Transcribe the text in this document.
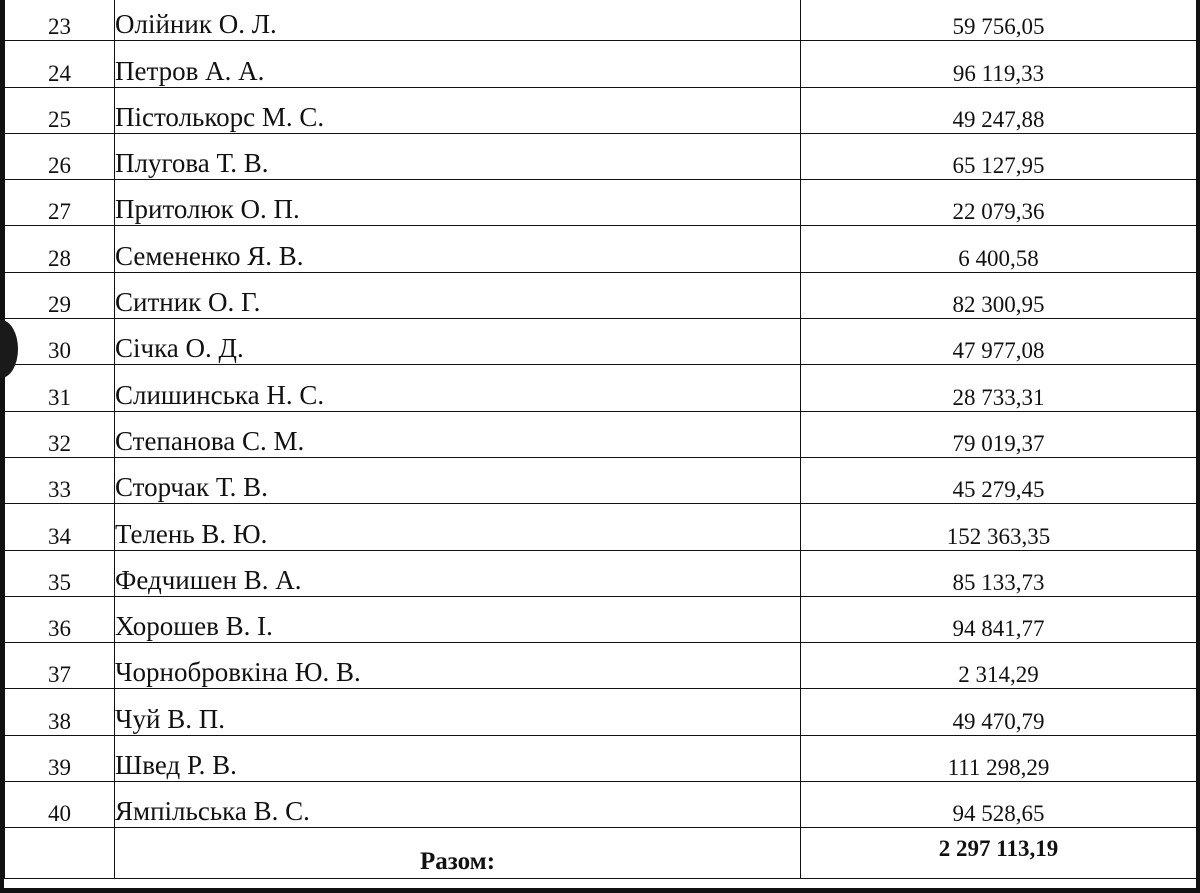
23	Олійник О. Л.	59 756,05
24	Петров А. А.	96 119,33
25	Пістолькорс М. С.	49 247,88
26	Плугова Т. В.	65 127,95
27	Притолюк О. П.	22 079,36
28	Семененко Я. В.	6 400,58
29	Ситник О. Г.	82 300,95
30	Січка О. Д.	47 977,08
31	Слишинська Н. С.	28 733,31
32	Степанова С. М.	79 019,37
33	Сторчак Т. В.	45 279,45
34	Телень В. Ю.	152 363,35
35	Федчишен В. А.	85 133,73
36	Хорошев В. І.	94 841,77
37	Чорнобровкіна Ю. В.	2 314,29
38	Чуй В. П.	49 470,79
39	Швед Р. В.	111 298,29
40	Ямпільська В. С.	94 528,65
	Разом:	2 297 113,19
